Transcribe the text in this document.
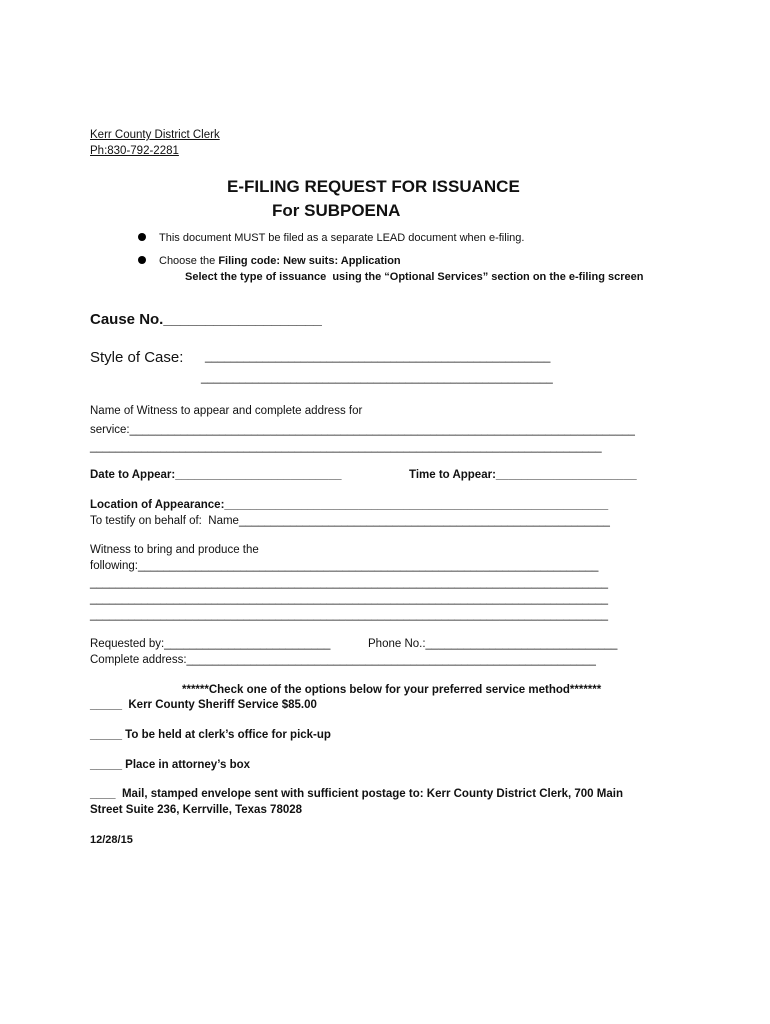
Kerr County District Clerk
Ph:830-792-2281
E-FILING REQUEST FOR ISSUANCE
For SUBPOENA
This document MUST be filed as a separate LEAD document when e-filing.
Choose the Filing code: New suits: Application
Select the type of issuance  using the “Optional Services” section on the e-filing screen
Cause No.___________________
Style of Case: ______________________________________________________
_______________________________________________________
Name of Witness to appear and complete address for
service:_______________________________________________________________________________
________________________________________________________________________________
Date to Appear:__________________________	Time to Appear:______________________
Location of Appearance:____________________________________________________________
To testify on behalf of:  Name__________________________________________________________
Witness to bring and produce the
following:________________________________________________________________________
_________________________________________________________________________________
_________________________________________________________________________________
_________________________________________________________________________________
Requested by:__________________________	Phone No.:______________________________
Complete address:________________________________________________________________
******Check one of the options below for your preferred service method*******
_____  Kerr County Sheriff Service $85.00
_____ To be held at clerk’s office for pick-up
_____ Place in attorney’s box
____  Mail, stamped envelope sent with sufficient postage to: Kerr County District Clerk, 700 Main
Street Suite 236, Kerrville, Texas 78028
12/28/15
